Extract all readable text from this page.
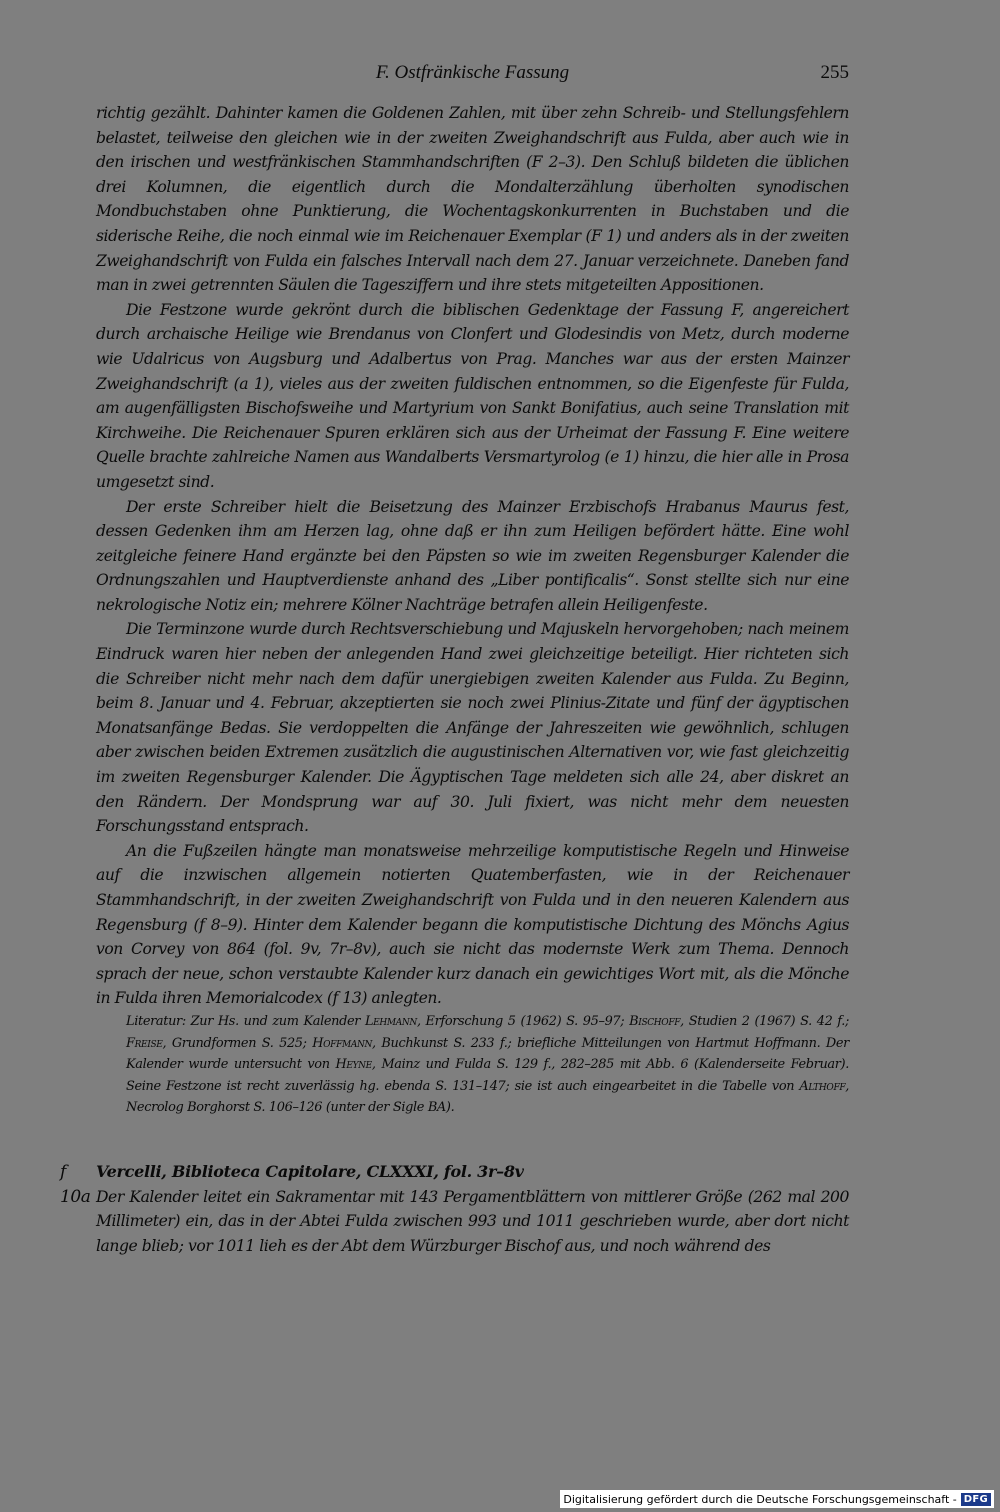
F. Ostfränkische Fassung	255

richtig gezählt. Dahinter kamen die Goldenen Zahlen, mit über zehn Schreib- und Stellungsfehlern belastet, teilweise den gleichen wie in der zweiten Zweighandschrift aus Fulda, aber auch wie in den irischen und westfränkischen Stammhandschriften (F 2–3). Den Schluß bildeten die üblichen drei Kolumnen, die eigentlich durch die Mondalterzählung überholten synodischen Mondbuchstaben ohne Punktierung, die Wochentagskonkurrenten in Buchstaben und die siderische Reihe, die noch einmal wie im Reichenauer Exemplar (F 1) und anders als in der zweiten Zweighandschrift von Fulda ein falsches Intervall nach dem 27. Januar verzeichnete. Daneben fand man in zwei getrennten Säulen die Tagesziffern und ihre stets mitgeteilten Appositionen.

Die Festzone wurde gekrönt durch die biblischen Gedenktage der Fassung F, angereichert durch archaische Heilige wie Brendanus von Clonfert und Glodesindis von Metz, durch moderne wie Udalricus von Augsburg und Adalbertus von Prag. Manches war aus der ersten Mainzer Zweighandschrift (a 1), vieles aus der zweiten fuldischen entnommen, so die Eigenfeste für Fulda, am augenfälligsten Bischofsweihe und Martyrium von Sankt Bonifatius, auch seine Translation mit Kirchweihe. Die Reichenauer Spuren erklären sich aus der Urheimat der Fassung F. Eine weitere Quelle brachte zahlreiche Namen aus Wandalberts Versmartyrolog (e 1) hinzu, die hier alle in Prosa umgesetzt sind.

Der erste Schreiber hielt die Beisetzung des Mainzer Erzbischofs Hrabanus Maurus fest, dessen Gedenken ihm am Herzen lag, ohne daß er ihn zum Heiligen befördert hätte. Eine wohl zeitgleiche feinere Hand ergänzte bei den Päpsten so wie im zweiten Regensburger Kalender die Ordnungszahlen und Hauptverdienste anhand des „Liber pontificalis“. Sonst stellte sich nur eine nekrologische Notiz ein; mehrere Kölner Nachträge betrafen allein Heiligenfeste.

Die Terminzone wurde durch Rechtsverschiebung und Majuskeln hervorgehoben; nach meinem Eindruck waren hier neben der anlegenden Hand zwei gleichzeitige beteiligt. Hier richteten sich die Schreiber nicht mehr nach dem dafür unergiebigen zweiten Kalender aus Fulda. Zu Beginn, beim 8. Januar und 4. Februar, akzeptierten sie noch zwei Plinius-Zitate und fünf der ägyptischen Monatsanfänge Bedas. Sie verdoppelten die Anfänge der Jahreszeiten wie gewöhnlich, schlugen aber zwischen beiden Extremen zusätzlich die augustinischen Alternativen vor, wie fast gleichzeitig im zweiten Regensburger Kalender. Die Ägyptischen Tage meldeten sich alle 24, aber diskret an den Rändern. Der Mondsprung war auf 30. Juli fixiert, was nicht mehr dem neuesten Forschungsstand entsprach.

An die Fußzeilen hängte man monatsweise mehrzeilige komputistische Regeln und Hinweise auf die inzwischen allgemein notierten Quatemberfasten, wie in der Reichenauer Stammhandschrift, in der zweiten Zweighandschrift von Fulda und in den neueren Kalendern aus Regensburg (f 8–9). Hinter dem Kalender begann die komputistische Dichtung des Mönchs Agius von Corvey von 864 (fol. 9v, 7r–8v), auch sie nicht das modernste Werk zum Thema. Dennoch sprach der neue, schon verstaubte Kalender kurz danach ein gewichtiges Wort mit, als die Mönche in Fulda ihren Memorialcodex (f 13) anlegten.

Literatur: Zur Hs. und zum Kalender Lehmann, Erforschung 5 (1962) S. 95–97; Bischoff, Studien 2 (1967) S. 42 f.; Freise, Grundformen S. 525; Hoffmann, Buchkunst S. 233 f.; briefliche Mitteilungen von Hartmut Hoffmann. Der Kalender wurde untersucht von Heyne, Mainz und Fulda S. 129 f., 282–285 mit Abb. 6 (Kalenderseite Februar). Seine Festzone ist recht zuverlässig hg. ebenda S. 131–147; sie ist auch eingearbeitet in die Tabelle von Althoff, Necrolog Borghorst S. 106–126 (unter der Sigle BA).

f 10a
Vercelli, Biblioteca Capitolare, CLXXXI, fol. 3r–8v
Der Kalender leitet ein Sakramentar mit 143 Pergamentblättern von mittlerer Größe (262 mal 200 Millimeter) ein, das in der Abtei Fulda zwischen 993 und 1011 geschrieben wurde, aber dort nicht lange blieb; vor 1011 lieh es der Abt dem Würzburger Bischof aus, und noch während des
Digitalisierung gefördert durch die Deutsche Forschungsgemeinschaft - DFG
